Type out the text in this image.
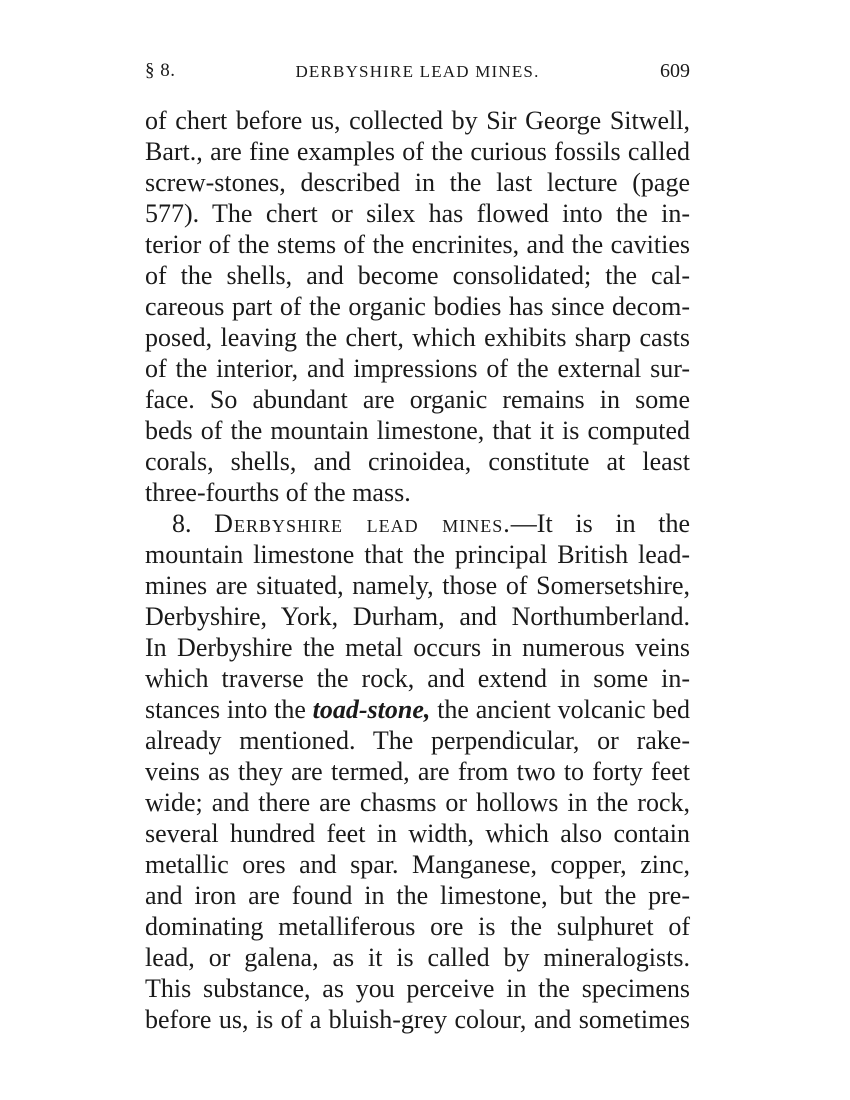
§ 8.	DERBYSHIRE LEAD MINES.	609
of chert before us, collected by Sir George Sitwell,
Bart., are fine examples of the curious fossils called
screw-stones, described in the last lecture (page
577). The chert or silex has flowed into the in-
terior of the stems of the encrinites, and the cavities
of the shells, and become consolidated; the cal-
careous part of the organic bodies has since decom-
posed, leaving the chert, which exhibits sharp casts
of the interior, and impressions of the external sur-
face. So abundant are organic remains in some
beds of the mountain limestone, that it is computed
corals, shells, and crinoidea, constitute at least
three-fourths of the mass.
8. Derbyshire lead mines.—It is in the
mountain limestone that the principal British lead-
mines are situated, namely, those of Somersetshire,
Derbyshire, York, Durham, and Northumberland.
In Derbyshire the metal occurs in numerous veins
which traverse the rock, and extend in some in-
stances into the toad-stone, the ancient volcanic bed
already mentioned. The perpendicular, or rake-
veins as they are termed, are from two to forty feet
wide; and there are chasms or hollows in the rock,
several hundred feet in width, which also contain
metallic ores and spar. Manganese, copper, zinc,
and iron are found in the limestone, but the pre-
dominating metalliferous ore is the sulphuret of
lead, or galena, as it is called by mineralogists.
This substance, as you perceive in the specimens
before us, is of a bluish-grey colour, and sometimes
